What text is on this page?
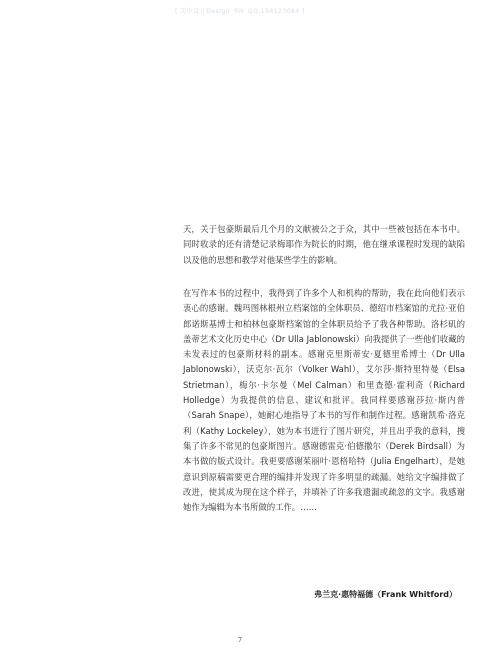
[ 美中设计Design 书库 QQ:194123084 ]

天，关于包豪斯最后几个月的文献被公之于众，其中一些被包括在本书中。同时收录的还有清楚记录梅耶作为院长的时期，他在继承课程时发现的缺陷以及他的思想和教学对他某些学生的影响。

在写作本书的过程中，我得到了许多个人和机构的帮助，我在此向他们表示衷心的感谢。魏玛图林根州立档案馆的全体职员、德绍市档案馆的尤拉·亚伯郎诺斯基博士和柏林包豪斯档案馆的全体职员给予了我各种帮助。洛杉矶的盖蒂艺术文化历史中心（Dr Ulla Jablonowski）向我提供了一些他们收藏的未发表过的包豪斯材料的副本。感谢克里斯蒂安·夏德里希博士（Dr Ulla Jablonowski），沃克尔·瓦尔（Volker Wahl），艾尔莎·斯特里特曼（Elsa Strietman），梅尔·卡尔曼（Mel Calman）和里查德·霍利奇（Richard Holledge）为我提供的信息、建议和批评。我同样要感谢莎拉·斯内普（Sarah Snape），她耐心地指导了本书的写作和制作过程。感谢凯希·洛克利（Kathy Lockeley），她为本书进行了图片研究，并且出乎我的意料，搜集了许多不常见的包豪斯图片。感谢德雷克·伯德撒尔（Derek Birdsall）为本书做的版式设计。我更要感谢茱丽叶·恩格哈特（Julia Engelhart），是她意识到原稿需要更合理的编排并发现了许多明显的疏漏。她给文字编排做了改进，使其成为现在这个样子，并填补了许多我遗漏或疏忽的文字。我感谢她作为编辑为本书所做的工作。……

弗兰克·惠特福德（Frank Whitford）
7
